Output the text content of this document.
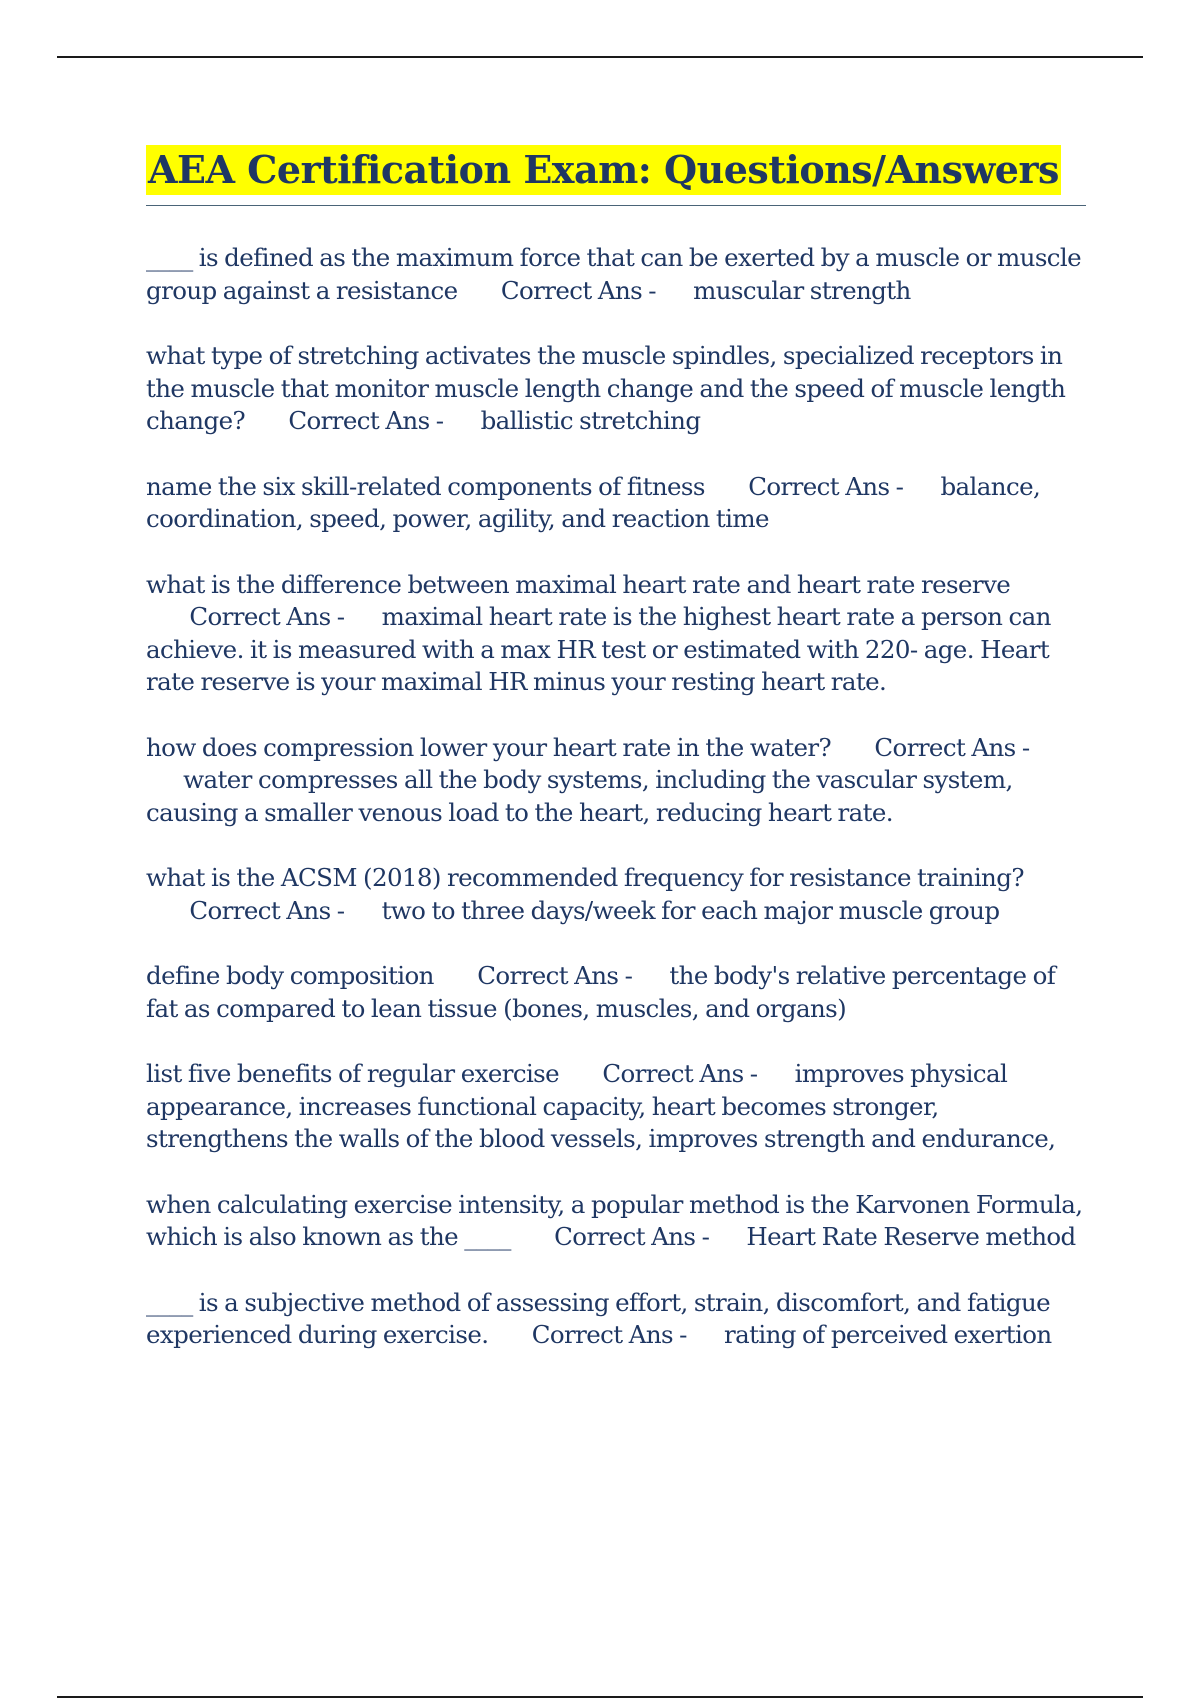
AEA Certification Exam: Questions/Answers

____ is defined as the maximum force that can be exerted by a muscle or muscle group against a resistance Correct Ans - muscular strength

what type of stretching activates the muscle spindles, specialized receptors in the muscle that monitor muscle length change and the speed of muscle length change? Correct Ans - ballistic stretching

name the six skill-related components of fitness Correct Ans - balance, coordination, speed, power, agility, and reaction time

what is the difference between maximal heart rate and heart rate reserve       Correct Ans - maximal heart rate is the highest heart rate a person can achieve. it is measured with a max HR test or estimated with 220- age. Heart rate reserve is your maximal HR minus your resting heart rate.

how does compression lower your heart rate in the water? Correct Ans -      water compresses all the body systems, including the vascular system, causing a smaller venous load to the heart, reducing heart rate.

what is the ACSM (2018) recommended frequency for resistance training?       Correct Ans - two to three days/week for each major muscle group

define body composition Correct Ans - the body's relative percentage of fat as compared to lean tissue (bones, muscles, and organs)

list five benefits of regular exercise Correct Ans - improves physical appearance, increases functional capacity, heart becomes stronger, strengthens the walls of the blood vessels, improves strength and endurance,

when calculating exercise intensity, a popular method is the Karvonen Formula, which is also known as the ____ Correct Ans - Heart Rate Reserve method

____ is a subjective method of assessing effort, strain, discomfort, and fatigue experienced during exercise. Correct Ans - rating of perceived exertion
